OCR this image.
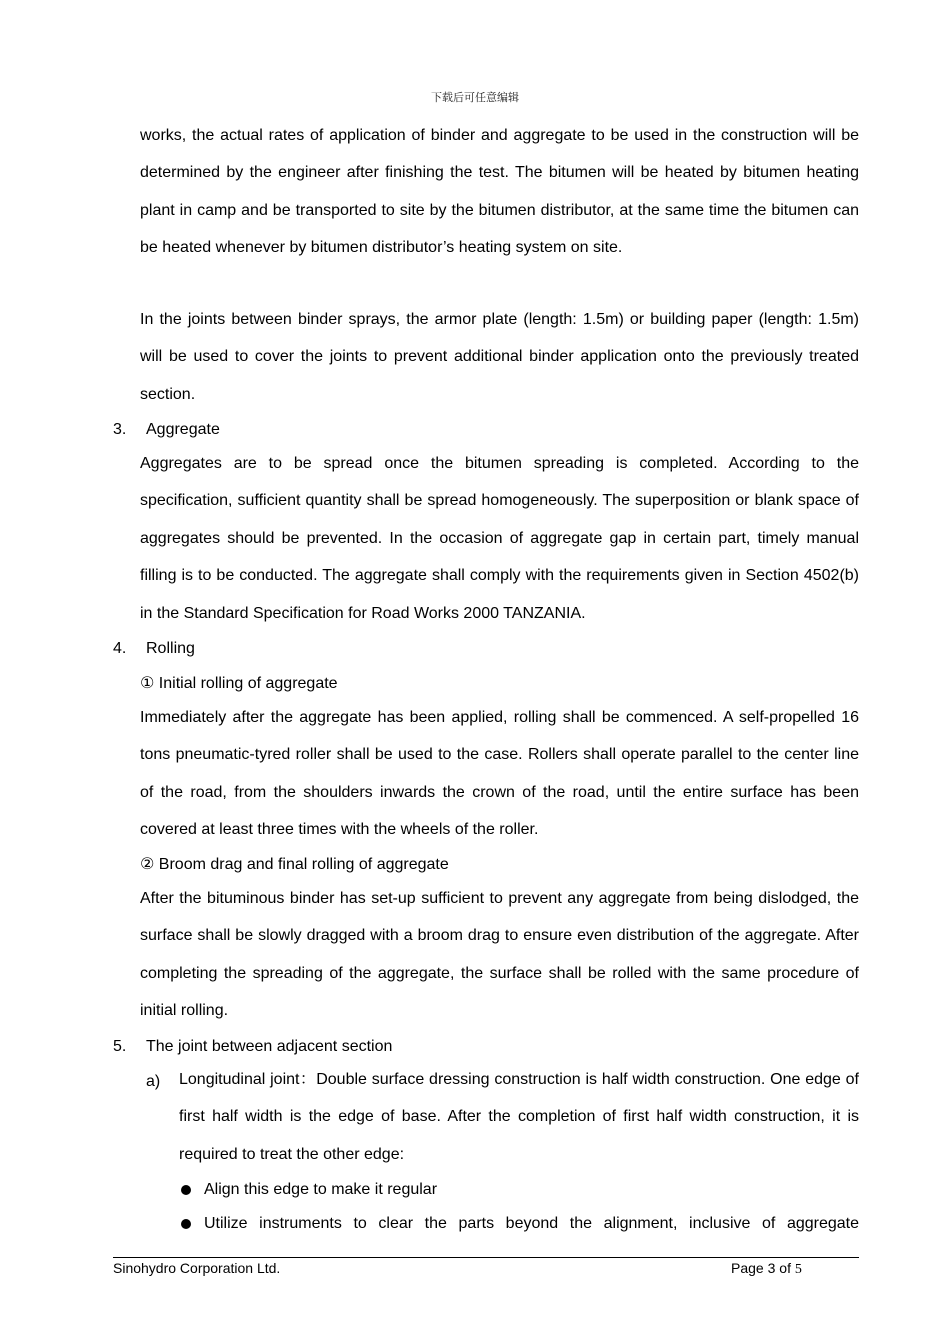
下载后可任意编辑
works, the actual rates of application of binder and aggregate to be used in the construction will be determined by the engineer after finishing the test. The bitumen will be heated by bitumen heating plant in camp and be transported to site by the bitumen distributor, at the same time the bitumen can be heated whenever by bitumen distributor’s heating system on site.
In the joints between binder sprays, the armor plate (length: 1.5m) or building paper (length: 1.5m) will be used to cover the joints to prevent additional binder application onto the previously treated section.
3. Aggregate
Aggregates are to be spread once the bitumen spreading is completed. According to the specification, sufficient quantity shall be spread homogeneously. The superposition or blank space of aggregates should be prevented. In the occasion of aggregate gap in certain part, timely manual filling is to be conducted. The aggregate shall comply with the requirements given in Section 4502(b) in the Standard Specification for Road Works 2000 TANZANIA.
4. Rolling
① Initial rolling of aggregate
Immediately after the aggregate has been applied, rolling shall be commenced. A self-propelled 16 tons pneumatic-tyred roller shall be used to the case. Rollers shall operate parallel to the center line of the road, from the shoulders inwards the crown of the road, until the entire surface has been covered at least three times with the wheels of the roller.
② Broom drag and final rolling of aggregate
After the bituminous binder has set-up sufficient to prevent any aggregate from being dislodged, the surface shall be slowly dragged with a broom drag to ensure even distribution of the aggregate. After completing the spreading of the aggregate, the surface shall be rolled with the same procedure of initial rolling.
5. The joint between adjacent section
a) Longitudinal joint：Double surface dressing construction is half width construction. One edge of first half width is the edge of base. After the completion of first half width construction, it is required to treat the other edge:
Align this edge to make it regular
Utilize instruments to clear the parts beyond the alignment, inclusive of aggregate
Sinohydro Corporation Ltd.	Page 3 of 5
